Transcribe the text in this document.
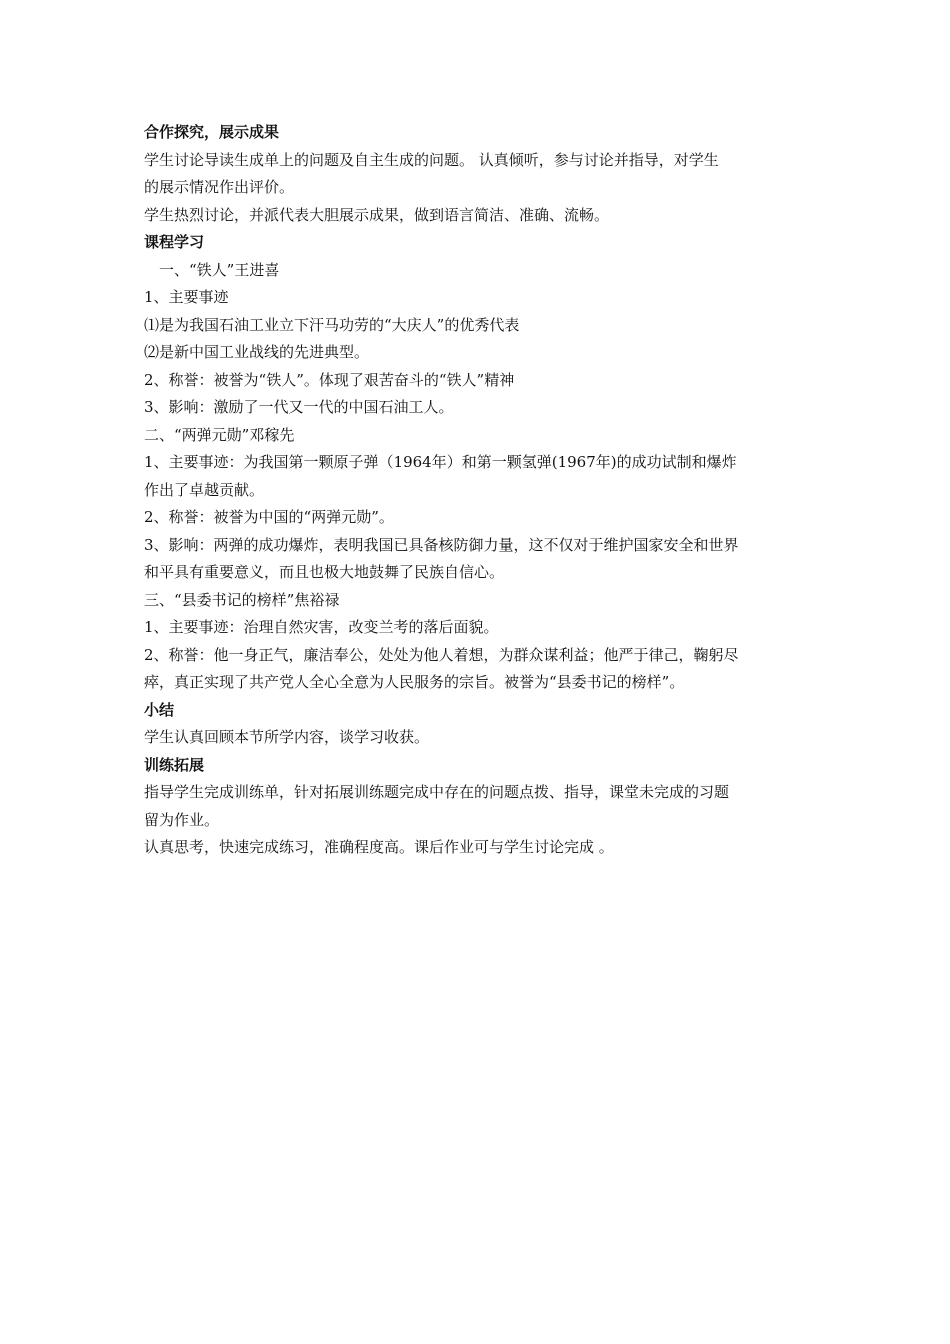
合作探究，展示成果
学生讨论导读生成单上的问题及自主生成的问题。 认真倾听，参与讨论并指导，对学生
的展示情况作出评价。
学生热烈讨论，并派代表大胆展示成果，做到语言简洁、准确、流畅。
课程学习
一、“铁人”王进喜
1、主要事迹
⑴是为我国石油工业立下汗马功劳的“大庆人”的优秀代表
⑵是新中国工业战线的先进典型。
2、称誉：被誉为“铁人”。体现了艰苦奋斗的“铁人”精神
3、影响：激励了一代又一代的中国石油工人。
二、“两弹元勋”邓稼先
1、主要事迹：为我国第一颗原子弹（1964年）和第一颗氢弹(1967年)的成功试制和爆炸
作出了卓越贡献。
2、称誉：被誉为中国的“两弹元勋”。
3、影响：两弹的成功爆炸，表明我国已具备核防御力量，这不仅对于维护国家安全和世界
和平具有重要意义，而且也极大地鼓舞了民族自信心。
三、“县委书记的榜样”焦裕禄
1、主要事迹：治理自然灾害，改变兰考的落后面貌。
2、称誉：他一身正气，廉洁奉公，处处为他人着想，为群众谋利益；他严于律己，鞠躬尽
瘁，真正实现了共产党人全心全意为人民服务的宗旨。被誉为“县委书记的榜样”。
小结
学生认真回顾本节所学内容，谈学习收获。
训练拓展
指导学生完成训练单，针对拓展训练题完成中存在的问题点拨、指导，课堂未完成的习题
留为作业。
认真思考，快速完成练习，准确程度高。课后作业可与学生讨论完成 。
